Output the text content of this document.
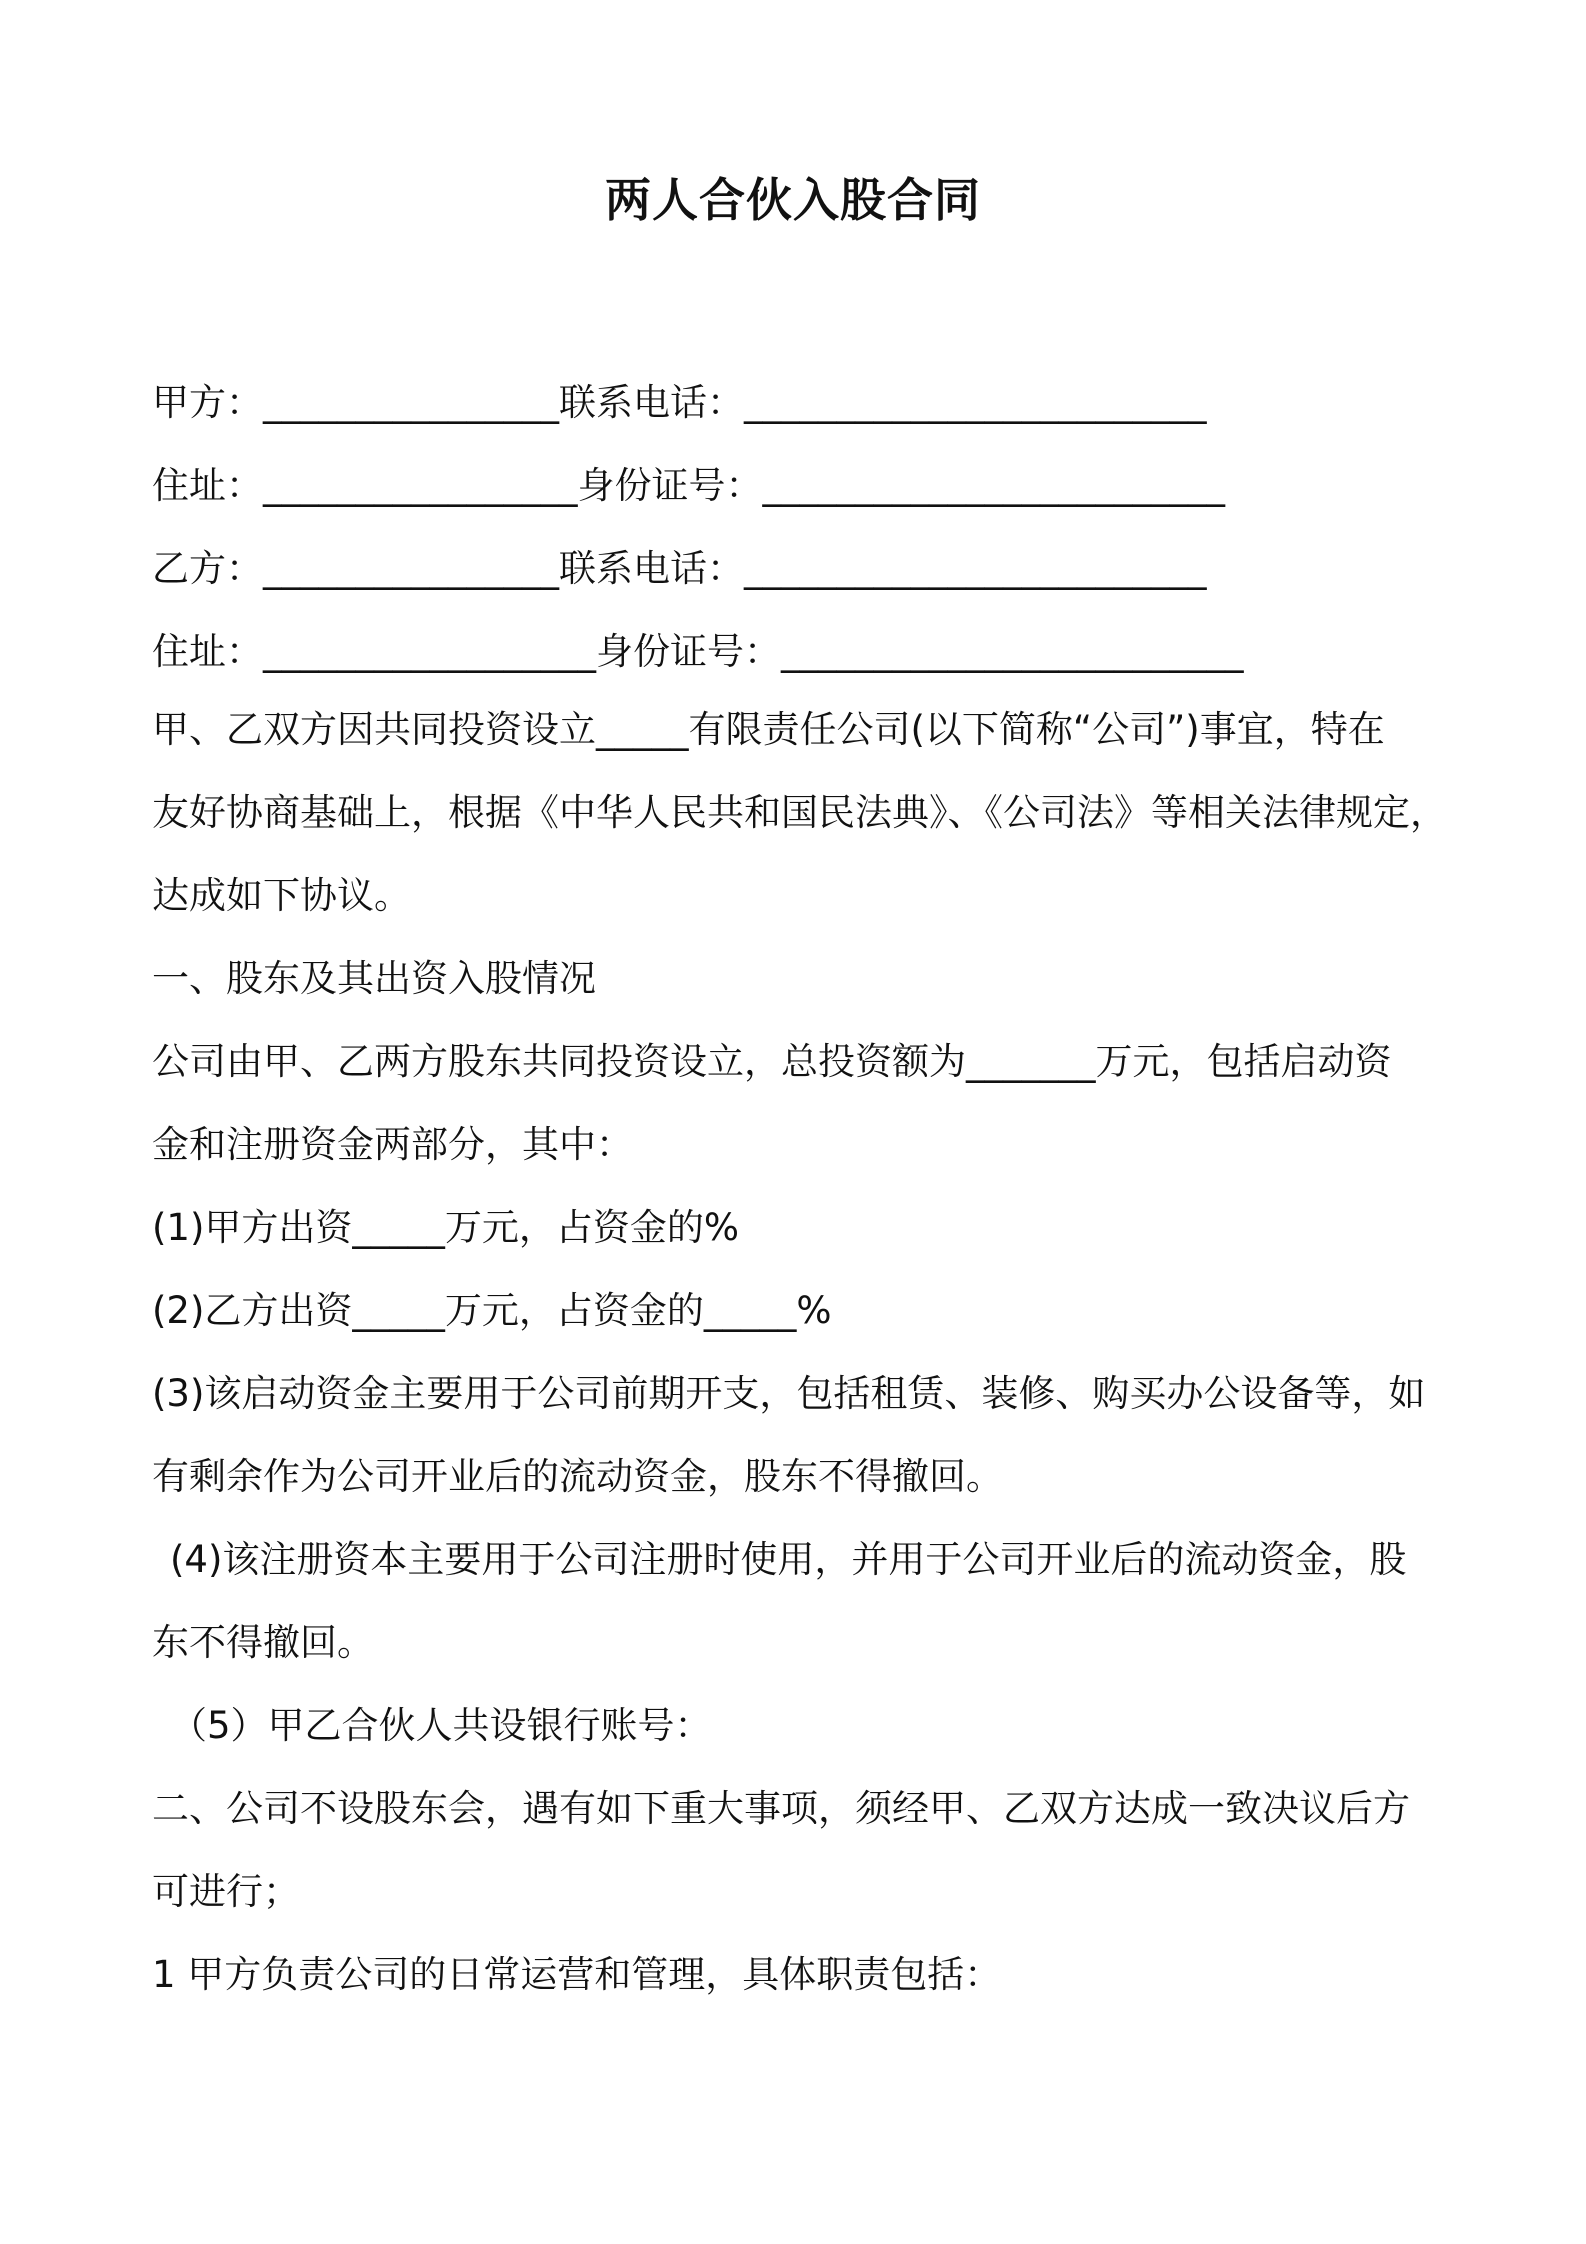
两人合伙入股合同
甲方：________________联系电话：_________________________
住址：_________________身份证号：_________________________
乙方：________________联系电话：_________________________
住址：__________________身份证号：_________________________
甲、乙双方因共同投资设立_____有限责任公司(以下简称“公司”)事宜，特在
友好协商基础上，根据《中华人民共和国民法典》、《公司法》等相关法律规定，
达成如下协议。
一、股东及其出资入股情况
公司由甲、乙两方股东共同投资设立，总投资额为_______万元，包括启动资
金和注册资金两部分，其中：
(1)甲方出资_____万元，占资金的%
(2)乙方出资_____万元，占资金的_____%
(3)该启动资金主要用于公司前期开支，包括租赁、装修、购买办公设备等，如
有剩余作为公司开业后的流动资金，股东不得撤回。
(4)该注册资本主要用于公司注册时使用，并用于公司开业后的流动资金，股
东不得撤回。
（5）甲乙合伙人共设银行账号：
二、公司不设股东会，遇有如下重大事项，须经甲、乙双方达成一致决议后方
可进行；
1 甲方负责公司的日常运营和管理，具体职责包括：
